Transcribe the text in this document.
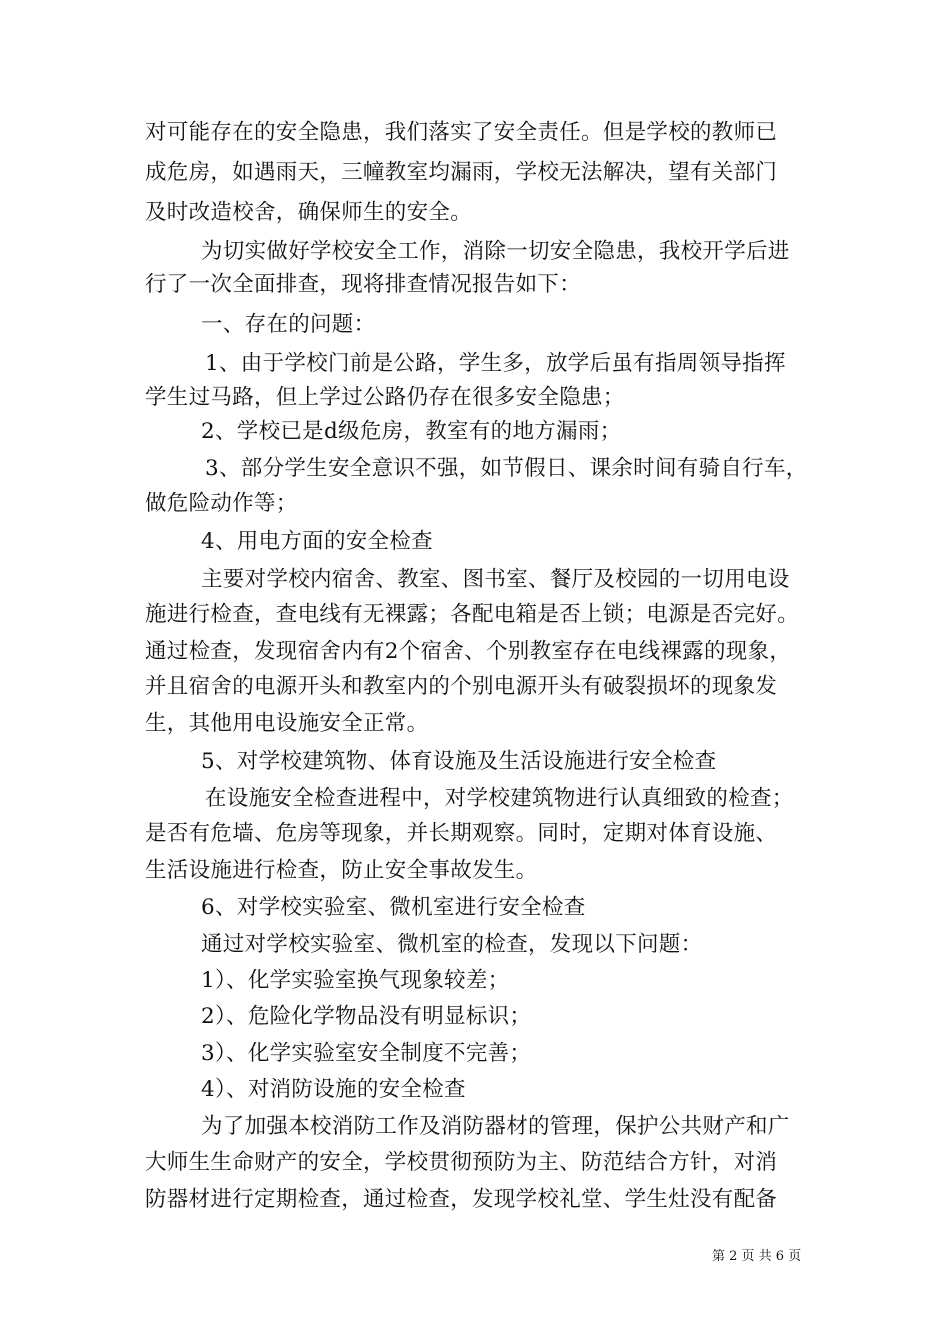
对可能存在的安全隐患，我们落实了安全责任。但是学校的教师已
成危房，如遇雨天，三幢教室均漏雨，学校无法解决，望有关部门
及时改造校舍，确保师生的安全。
为切实做好学校安全工作，消除一切安全隐患，我校开学后进
行了一次全面排查，现将排查情况报告如下：
一、存在的问题：
1、由于学校门前是公路，学生多，放学后虽有指周领导指挥
学生过马路，但上学过公路仍存在很多安全隐患；
2、学校已是d级危房，教室有的地方漏雨；
3、部分学生安全意识不强，如节假日、课余时间有骑自行车，
做危险动作等；
4、用电方面的安全检查
主要对学校内宿舍、教室、图书室、餐厅及校园的一切用电设
施进行检查，查电线有无裸露；各配电箱是否上锁；电源是否完好。
通过检查，发现宿舍内有2个宿舍、个别教室存在电线裸露的现象，
并且宿舍的电源开头和教室内的个别电源开头有破裂损坏的现象发
生，其他用电设施安全正常。
5、对学校建筑物、体育设施及生活设施进行安全检查
在设施安全检查进程中，对学校建筑物进行认真细致的检查；
是否有危墙、危房等现象，并长期观察。同时，定期对体育设施、
生活设施进行检查，防止安全事故发生。
6、对学校实验室、微机室进行安全检查
通过对学校实验室、微机室的检查，发现以下问题：
1）、化学实验室换气现象较差；
2）、危险化学物品没有明显标识；
3）、化学实验室安全制度不完善；
4）、对消防设施的安全检查
为了加强本校消防工作及消防器材的管理，保护公共财产和广
大师生生命财产的安全，学校贯彻预防为主、防范结合方针，对消
防器材进行定期检查，通过检查，发现学校礼堂、学生灶没有配备
第 2 页 共 6 页
